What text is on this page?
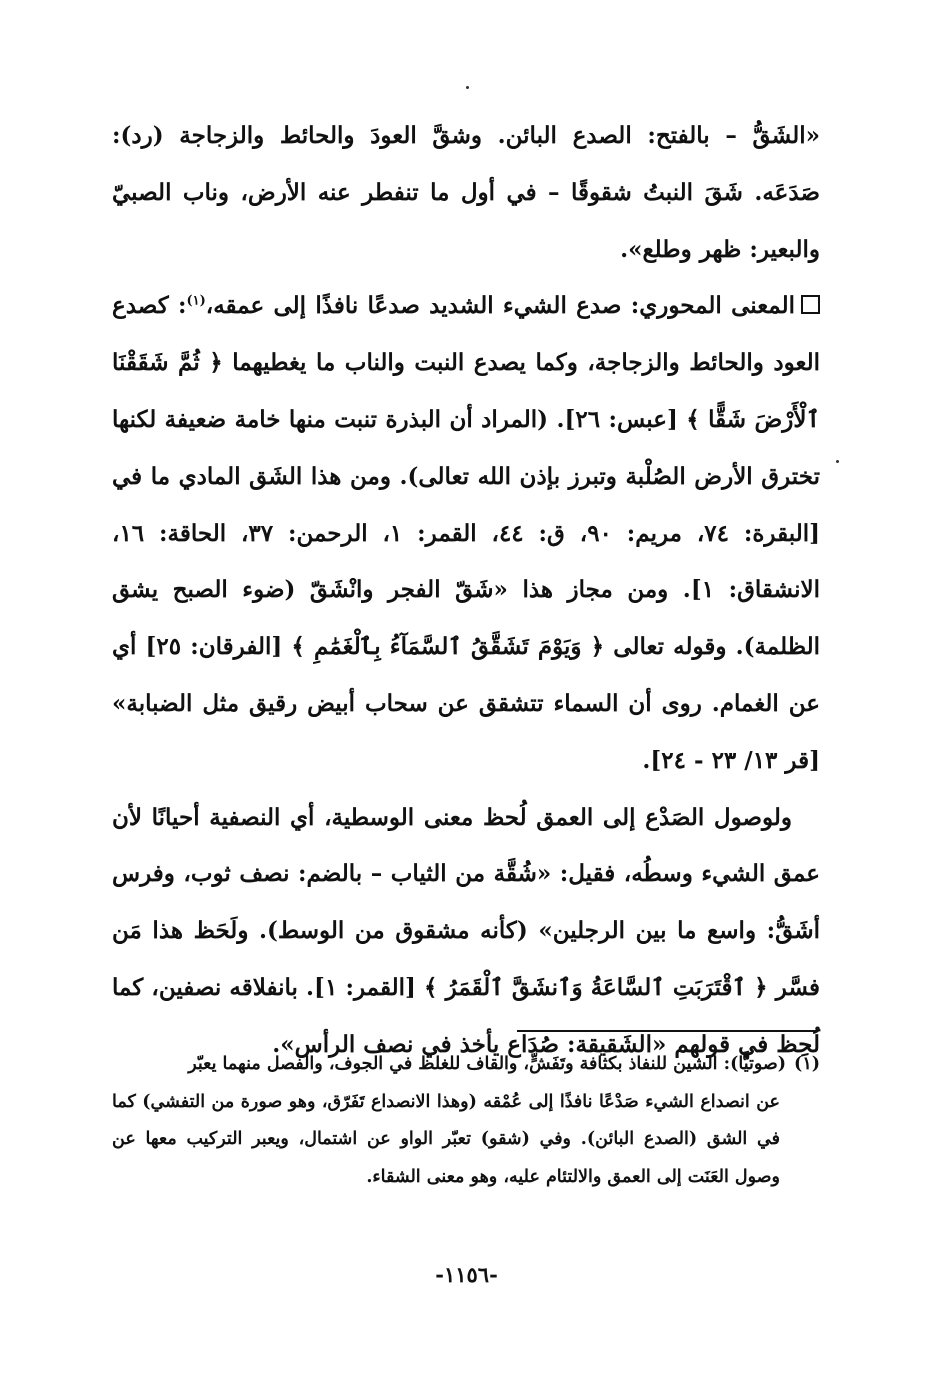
«الشَقُّ – بالفتح: الصدع البائن. وشقَّ العودَ والحائط والزجاجة (رد): صَدَعَه. شَقَ النبتُ شقوقًا – في أول ما تنفطر عنه الأرض، وناب الصبيّ والبعير: ظهر وطلع».

المعنى المحوري: صدع الشيء الشديد صدعًا نافذًا إلى عمقه،$^{(١)}$: كصدع العود والحائط والزجاجة، وكما يصدع النبت والناب ما يغطيهما ﴿ ثُمَّ شَقَقْنَا ٱلْأَرْضَ شَقًّا ﴾ [عبس: ٢٦]. (المراد أن البذرة تنبت منها خامة ضعيفة لكنها تخترق الأرض الصُلْبة وتبرز بإذن الله تعالى). ومن هذا الشَق المادي ما في [البقرة: ٧٤، مريم: ٩٠، ق: ٤٤، القمر: ١، الرحمن: ٣٧، الحاقة: ١٦، الانشقاق: ١]. ومن مجاز هذا «شَقّ الفجر وانْشَقّ (ضوء الصبح يشق الظلمة). وقوله تعالى ﴿ وَيَوْمَ تَشَقَّقُ ٱلسَّمَآءُ بِٱلْغَمَٰمِ ﴾ [الفرقان: ٢٥] أي عن الغمام. روى أن السماء تتشقق عن سحاب أبيض رقيق مثل الضبابة» [قر ١٣/ ٢٣ - ٢٤].

ولوصول الصَدْع إلى العمق لُحظ معنى الوسطية، أي النصفية أحيانًا لأن عمق الشيء وسطُه، فقيل: «شُقَّة من الثياب – بالضم: نصف ثوب، وفرس أشَقُّ: واسع ما بين الرجلين» (كأنه مشقوق من الوسط). ولَحَظ هذا مَن فسَّر ﴿ ٱقْتَرَبَتِ ٱلسَّاعَةُ وَٱنشَقَّ ٱلْقَمَرُ ﴾ [القمر: ١]. بانفلاقه نصفين، كما لُحِظ في قولهم «الشَقيقة: صُدَاع يأخذ في نصف الرأس».

(١)(صوتيًّا): الشين للنفاذ بكثافة وتَفَشٍّ، والقاف للغلظ في الجوف، والفصل منهما يعبّر

عن انصداع الشيء صَدْعًا نافذًا إلى عُمْقه (وهذا الانصداع تَفَرّق، وهو صورة من التفشي) كما في الشق (الصدع البائن). وفي (شقو) تعبّر الواو عن اشتمال، ويعبر التركيب معها عن وصول العَنَت إلى العمق والالتئام عليه، وهو معنى الشقاء.

-١١٥٦-
